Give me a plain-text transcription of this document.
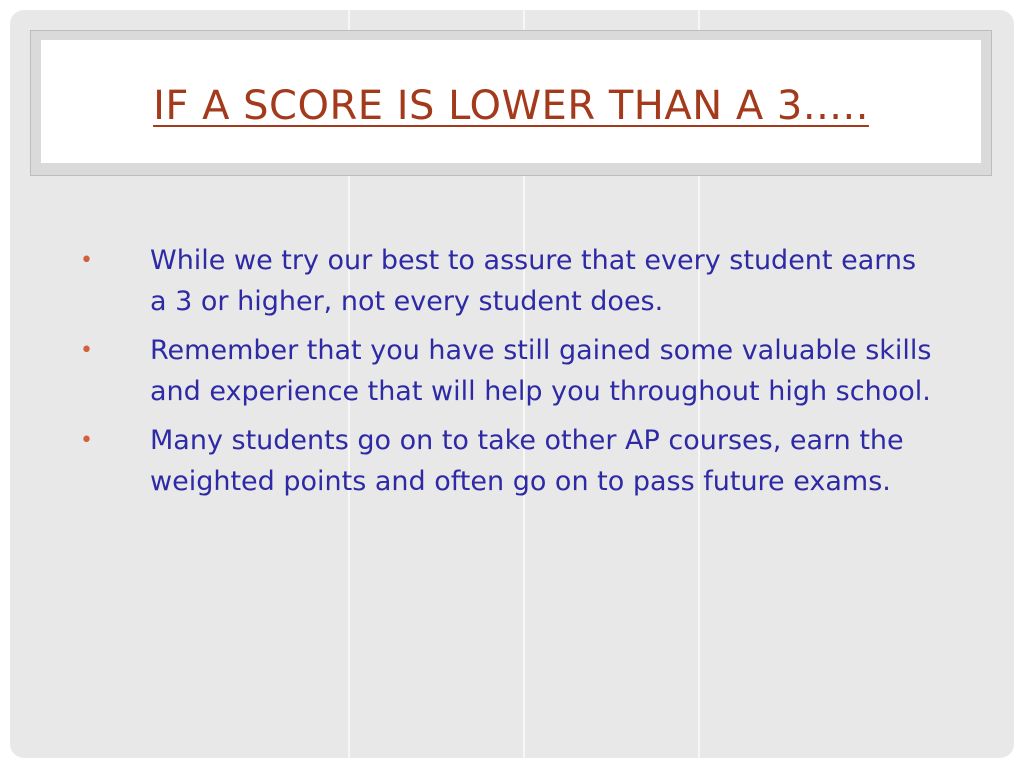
IF A SCORE IS LOWER THAN A 3.....
• While we try our best to assure that every student earns a 3 or higher, not every student does.
• Remember that you have still gained some valuable skills and experience that will help you throughout high school.
• Many students go on to take other AP courses, earn the weighted points and often go on to pass future exams.
